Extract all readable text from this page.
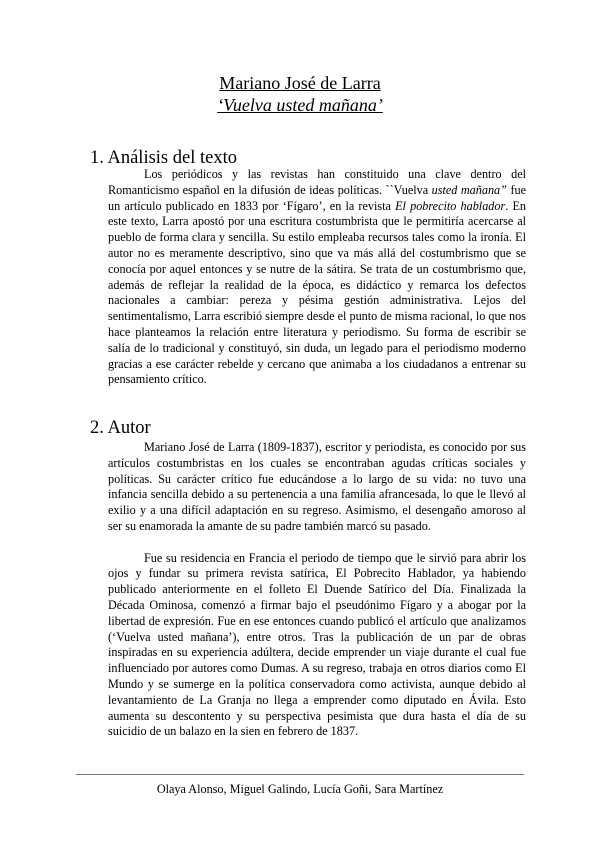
Mariano José de Larra
‘Vuelva usted mañana’
1. Análisis del texto

Los periódicos y las revistas han constituido una clave dentro del Romanticismo español en la difusión de ideas políticas. ``Vuelva usted mañana” fue un artículo publicado en 1833 por ‘Fígaro’, en la revista El pobrecito hablador. En este texto, Larra apostó por una escritura costumbrista que le permitiría acercarse al pueblo de forma clara y sencilla. Su estilo empleaba recursos tales como la ironía. El autor no es meramente descriptivo, sino que va más allá del costumbrismo que se conocía por aquel entonces y se nutre de la sátira. Se trata de un costumbrismo que, además de reflejar la realidad de la época, es didáctico y remarca los defectos nacionales a cambiar: pereza y pésima gestión administrativa. Lejos del sentimentalismo, Larra escribió siempre desde el punto de misma racional, lo que nos hace planteamos la relación entre literatura y periodismo. Su forma de escribir se salía de lo tradicional y constituyó, sin duda, un legado para el periodismo moderno gracias a ese carácter rebelde y cercano que animaba a los ciudadanos a entrenar su pensamiento crítico.

2. Autor

Mariano José de Larra (1809-1837), escritor y periodista, es conocido por sus artículos costumbristas en los cuales se encontraban agudas críticas sociales y políticas. Su carácter crítico fue educándose a lo largo de su vida: no tuvo una infancia sencilla debido a su pertenencia a una familia afrancesada, lo que le llevó al exilio y a una difícil adaptación en su regreso. Asimismo, el desengaño amoroso al ser su enamorada la amante de su padre también marcó su pasado.

Fue su residencia en Francia el periodo de tiempo que le sirvió para abrir los ojos y fundar su primera revista satírica, El Pobrecito Hablador, ya habiendo publicado anteriormente en el folleto El Duende Satírico del Día. Finalizada la Década Ominosa, comenzó a firmar bajo el pseudónimo Fígaro y a abogar por la libertad de expresión. Fue en ese entonces cuando publicó el artículo que analizamos (‘Vuelva usted mañana’), entre otros. Tras la publicación de un par de obras inspiradas en su experiencia adúltera, decide emprender un viaje durante el cual fue influenciado por autores como Dumas. A su regreso, trabaja en otros diarios como El Mundo y se sumerge en la política conservadora como activista, aunque debido al levantamiento de La Granja no llega a emprender como diputado en Ávila. Esto aumenta su descontento y su perspectiva pesimista que dura hasta el día de su suicidio de un balazo en la sien en febrero de 1837.

Olaya Alonso, Miguel Galindo, Lucía Goñi, Sara Martínez
